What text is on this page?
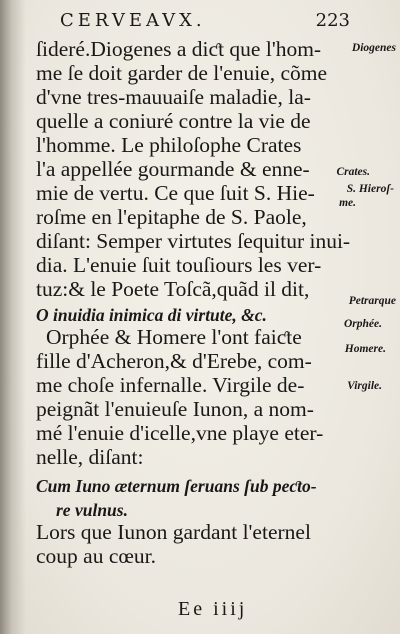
CERVEAVX.	223
ſideré.Diogenes a diƈt que l'hom-
me ſe doit garder de l'enuie, cõme
d'vne tres-mauuaiſe maladie, la-
quelle a coniuré contre la vie de
l'homme. Le philoſophe Crates
l'a appellée gourmande & enne-
mie de vertu. Ce que ſuit S. Hie-
roſme en l'epitaphe de S. Paole,
diſant: Semper virtutes ſequitur inui-
dia. L'enuie ſuit touſiours les ver-
tuz:& le Poete Toſcã,quãd il dit,
O inuidia inimica di virtute, &c.
Orphée & Homere l'ont faiƈte
fille d'Acheron,& d'Erebe, com-
me choſe infernalle. Virgile de-
peignãt l'enuieuſe Iunon, a nom-
mé l'enuie d'icelle,vne playe eter-
nelle, diſant:
Cum Iuno æternum ſeruans ſub peƈto-
re vulnus.
Lors que Iunon gardant l'eternel
coup au cœur.
Diogenes
Crates.
S. Hieroſ-
me.
Petrarque
Orphée.
Homere.
Virgile.
Ee iiij
